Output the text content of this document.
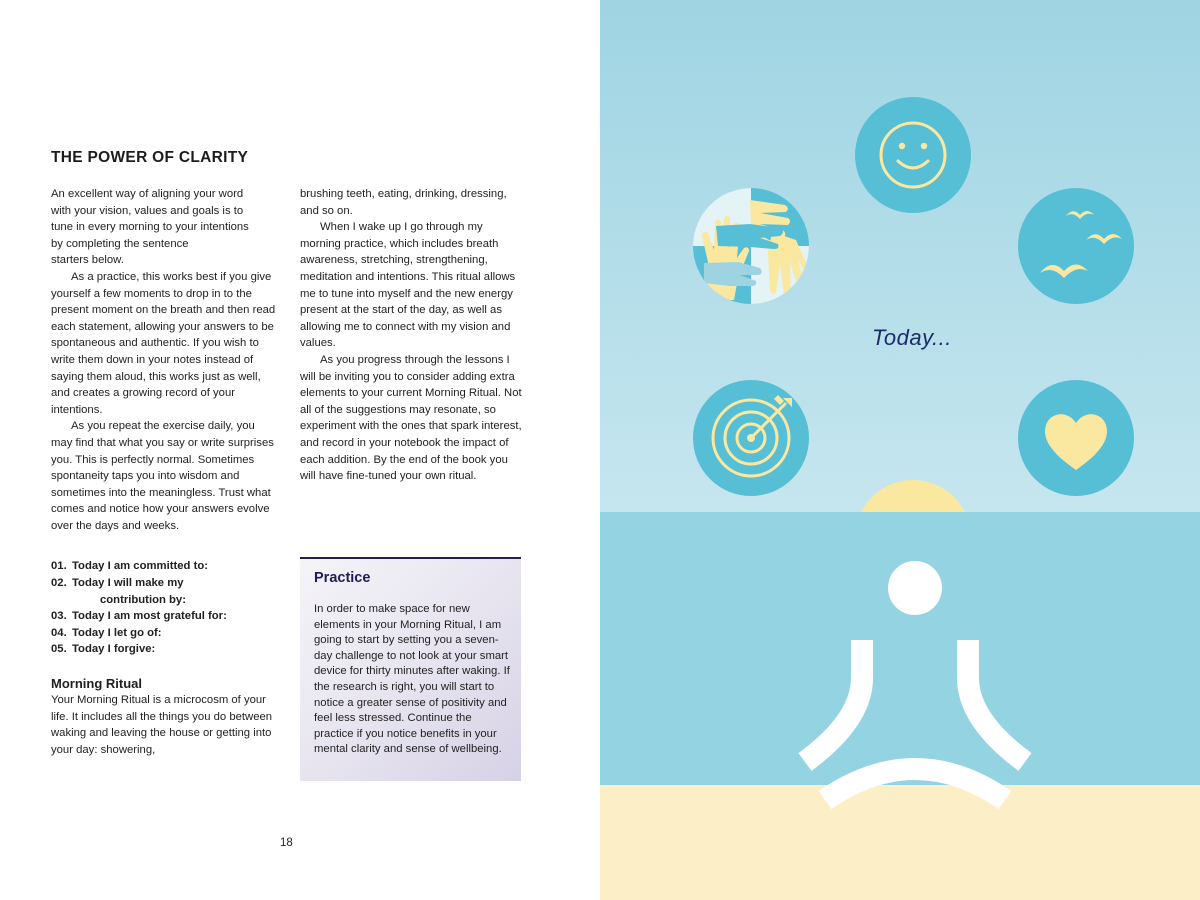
THE POWER OF CLARITY

An excellent way of aligning your word
with your vision, values and goals is to
tune in every morning to your intentions
by completing the sentence
starters below.

As a practice, this works best if you give yourself a few moments to drop in to the present moment on the breath and then read each statement, allowing your answers to be spontaneous and authentic. If you wish to write them down in your notes instead of saying them aloud, this works just as well, and creates a growing record of your intentions.

As you repeat the exercise daily, you may find that what you say or write surprises you. This is perfectly normal. Sometimes spontaneity taps you into wisdom and sometimes into the meaningless. Trust what comes and notice how your answers evolve over the days and weeks.

01. Today I am committed to:
02. Today I will make my
contribution by:
03. Today I am most grateful for:
04. Today I let go of:
05. Today I forgive:
Morning Ritual

Your Morning Ritual is a microcosm of your life. It includes all the things you do between waking and leaving the house or getting into your day: showering,

brushing teeth, eating, drinking, dressing, and so on.

When I wake up I go through my morning practice, which includes breath awareness, stretching, strengthening, meditation and intentions. This ritual allows me to tune into myself and the new energy present at the start of the day, as well as allowing me to connect with my vision and values.

As you progress through the lessons I will be inviting you to consider adding extra elements to your current Morning Ritual. Not all of the suggestions may resonate, so experiment with the ones that spark interest, and record in your notebook the impact of each addition. By the end of the book you will have fine-tuned your own ritual.

Practice

In order to make space for new elements in your Morning Ritual, I am going to start by setting you a seven-day challenge to not look at your smart device for thirty minutes after waking. If the research is right, you will start to notice a greater sense of positivity and feel less stressed. Continue the practice if you notice benefits in your mental clarity and sense of wellbeing.

18

Today...
